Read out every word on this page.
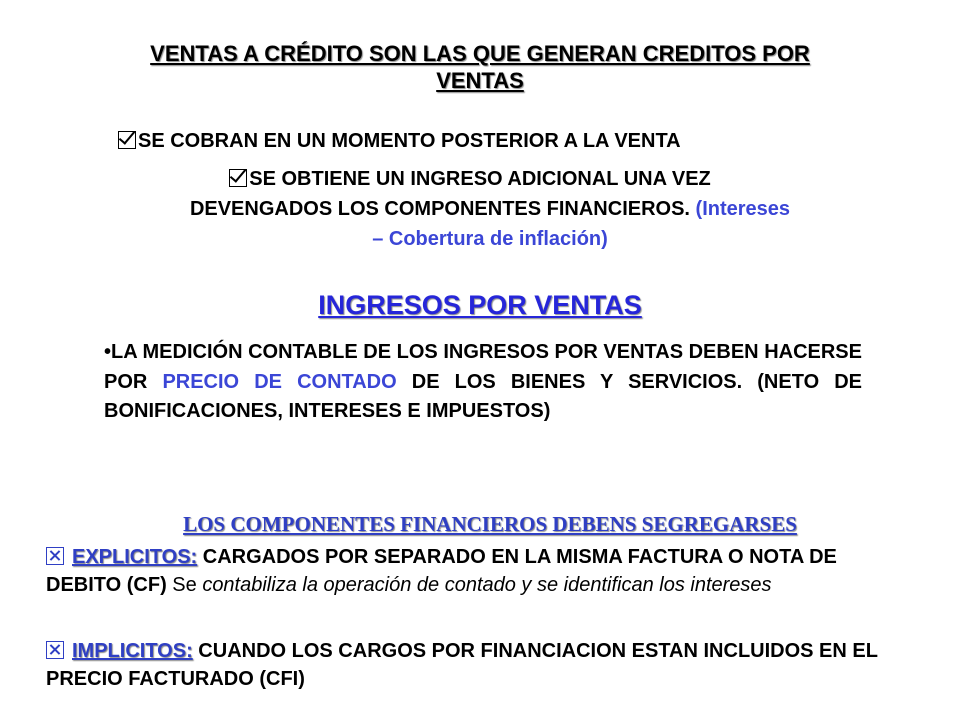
VENTAS A CRÉDITO SON LAS QUE GENERAN CREDITOS POR
VENTAS
SE COBRAN EN UN MOMENTO POSTERIOR A LA VENTA
SE OBTIENE UN INGRESO ADICIONAL UNA VEZ
DEVENGADOS LOS COMPONENTES FINANCIEROS. (Intereses
– Cobertura de inflación)
INGRESOS POR VENTAS
•LA MEDICIÓN CONTABLE DE LOS INGRESOS POR VENTAS DEBEN HACERSE POR PRECIO DE CONTADO DE LOS BIENES Y SERVICIOS. (NETO DE BONIFICACIONES, INTERESES E IMPUESTOS)
LOS COMPONENTES FINANCIEROS DEBENS SEGREGARSES
EXPLICITOS: CARGADOS POR SEPARADO EN LA MISMA FACTURA O NOTA DE DEBITO (CF) Se contabiliza la operación de contado y se identifican los intereses
IMPLICITOS: CUANDO LOS CARGOS POR FINANCIACION ESTAN INCLUIDOS EN EL PRECIO FACTURADO (CFI)
